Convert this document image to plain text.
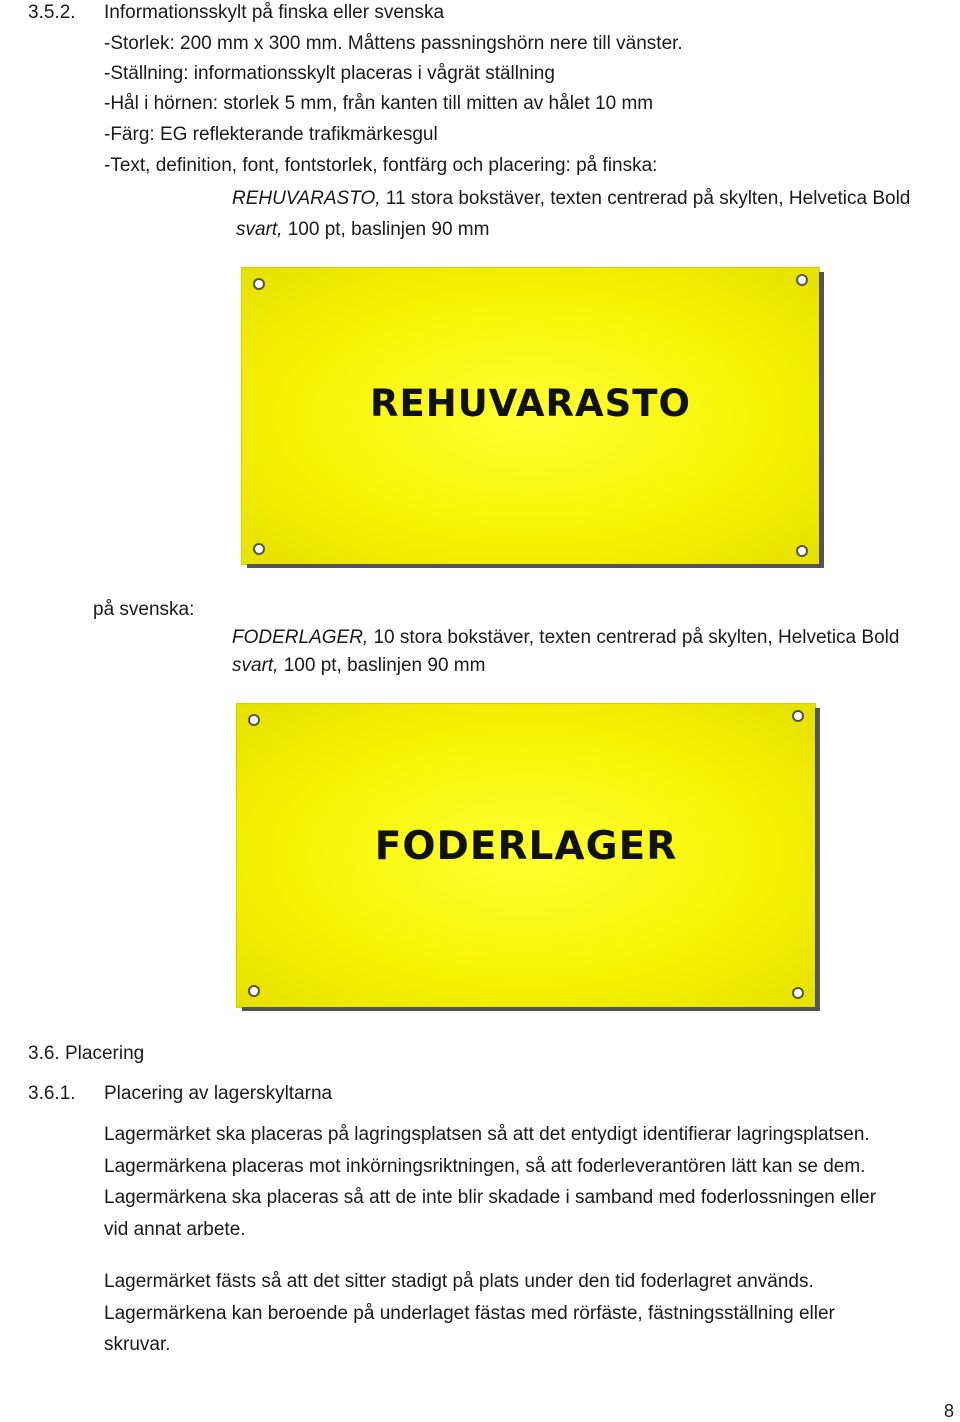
3.5.2. Informationsskylt på finska eller svenska
-Storlek: 200 mm x 300 mm. Måttens passningshörn nere till vänster.
-Ställning: informationsskylt placeras i vågrät ställning
-Hål i hörnen: storlek 5 mm, från kanten till mitten av hålet 10 mm
-Färg: EG reflekterande trafikmärkesgul
-Text, definition, font, fontstorlek, fontfärg och placering: på finska:
REHUVARASTO, 11 stora bokstäver, texten centrerad på skylten, Helvetica Bold
svart, 100 pt, baslinjen 90 mm
REHUVARASTO
på svenska:
FODERLAGER, 10 stora bokstäver, texten centrerad på skylten, Helvetica Bold
svart, 100 pt, baslinjen 90 mm
FODERLAGER
3.6. Placering
3.6.1. Placering av lagerskyltarna
Lagermärket ska placeras på lagringsplatsen så att det entydigt identifierar lagringsplatsen.
Lagermärkena placeras mot inkörningsriktningen, så att foderleverantören lätt kan se dem.
Lagermärkena ska placeras så att de inte blir skadade i samband med foderlossningen eller
vid annat arbete.
Lagermärket fästs så att det sitter stadigt på plats under den tid foderlagret används.
Lagermärkena kan beroende på underlaget fästas med rörfäste, fästningsställning eller
skruvar.
8
